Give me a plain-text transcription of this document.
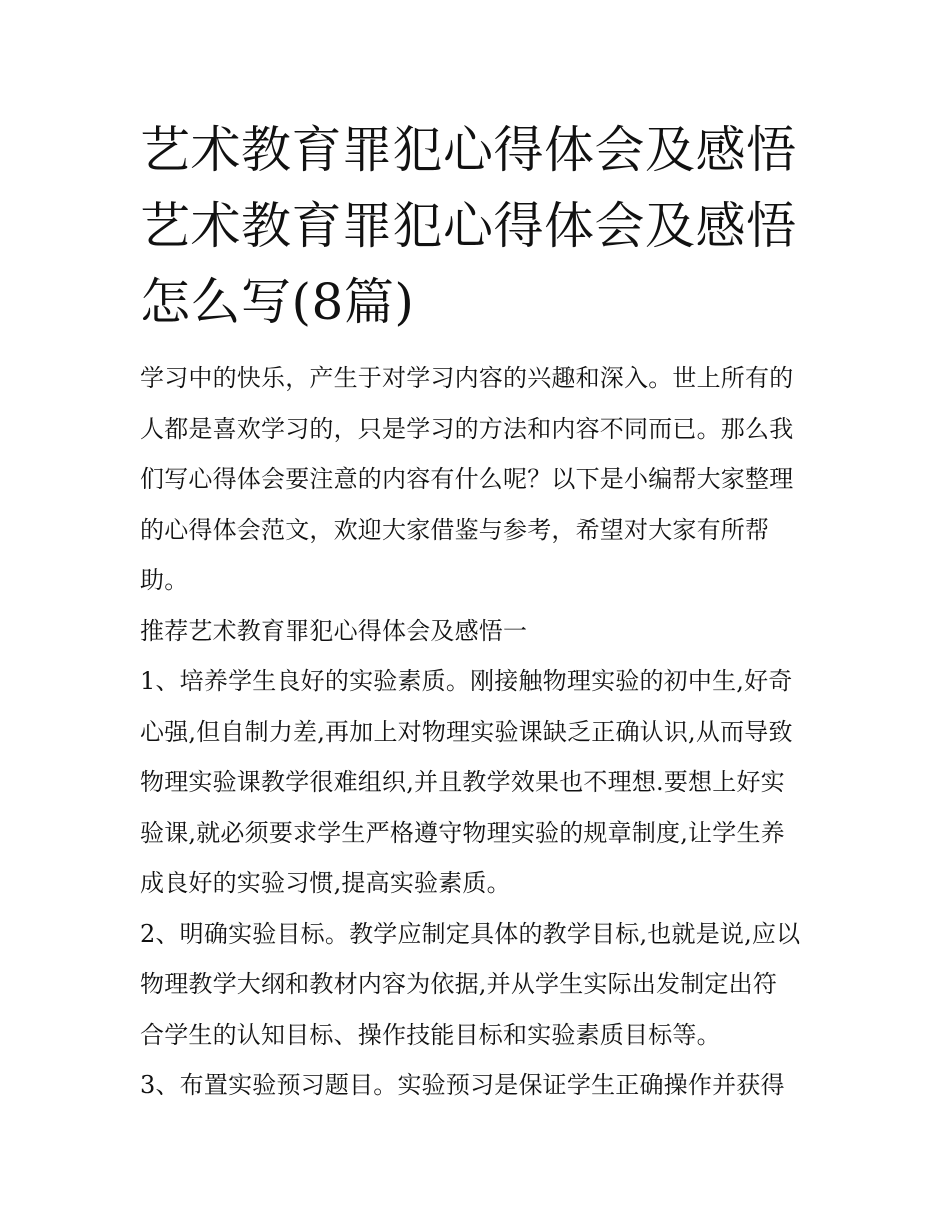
艺术教育罪犯心得体会及感悟
艺术教育罪犯心得体会及感悟
怎么写(8篇)
学习中的快乐，产生于对学习内容的兴趣和深入。世上所有的
人都是喜欢学习的，只是学习的方法和内容不同而已。那么我
们写心得体会要注意的内容有什么呢？以下是小编帮大家整理
的心得体会范文，欢迎大家借鉴与参考，希望对大家有所帮
助。
推荐艺术教育罪犯心得体会及感悟一
1、培养学生良好的实验素质。刚接触物理实验的初中生,好奇
心强,但自制力差,再加上对物理实验课缺乏正确认识,从而导致
物理实验课教学很难组织,并且教学效果也不理想.要想上好实
验课,就必须要求学生严格遵守物理实验的规章制度,让学生养
成良好的实验习惯,提高实验素质。
2、明确实验目标。教学应制定具体的教学目标,也就是说,应以
物理教学大纲和教材内容为依据,并从学生实际出发制定出符
合学生的认知目标、操作技能目标和实验素质目标等。
3、布置实验预习题目。实验预习是保证学生正确操作并获得
